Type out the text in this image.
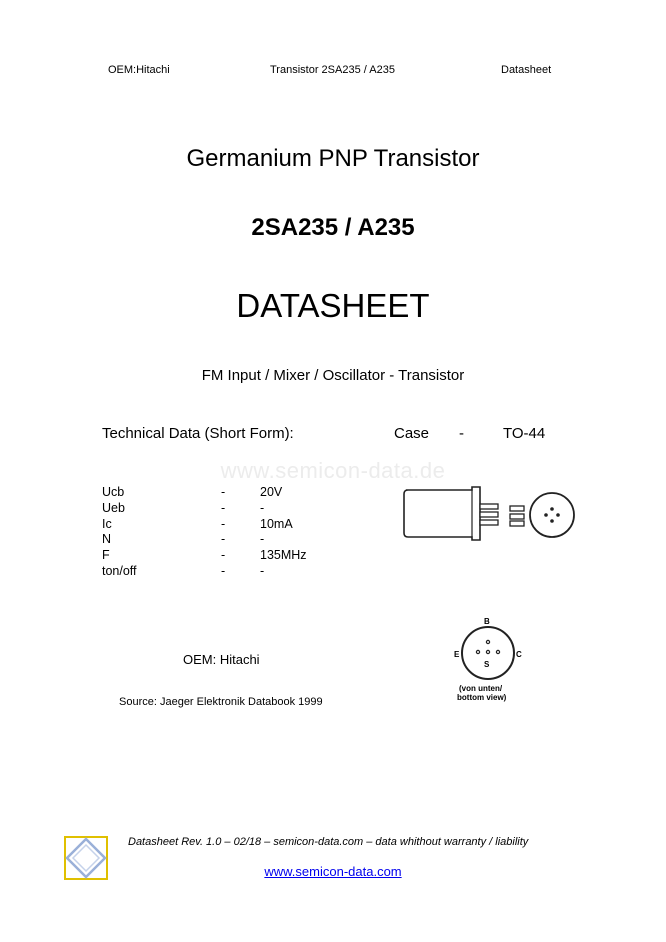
OEM:Hitachi	Transistor 2SA235 / A235	Datasheet
Germanium PNP Transistor
2SA235 / A235
DATASHEET
FM Input / Mixer / Oscillator - Transistor
Technical Data (Short Form):	Case -	TO-44
www.semicon-data.de
Ucb	-	20V
Ueb	-	-
Ic	-	10mA
N	-	-
F	-	135MHz
ton/off	-	-
B
E
S
C
(von unten/
bottom view)
OEM: Hitachi
Source: Jaeger Elektronik Databook 1999
Datasheet Rev. 1.0 – 02/18 – semicon-data.com – data whithout warranty / liability
www.semicon-data.com
